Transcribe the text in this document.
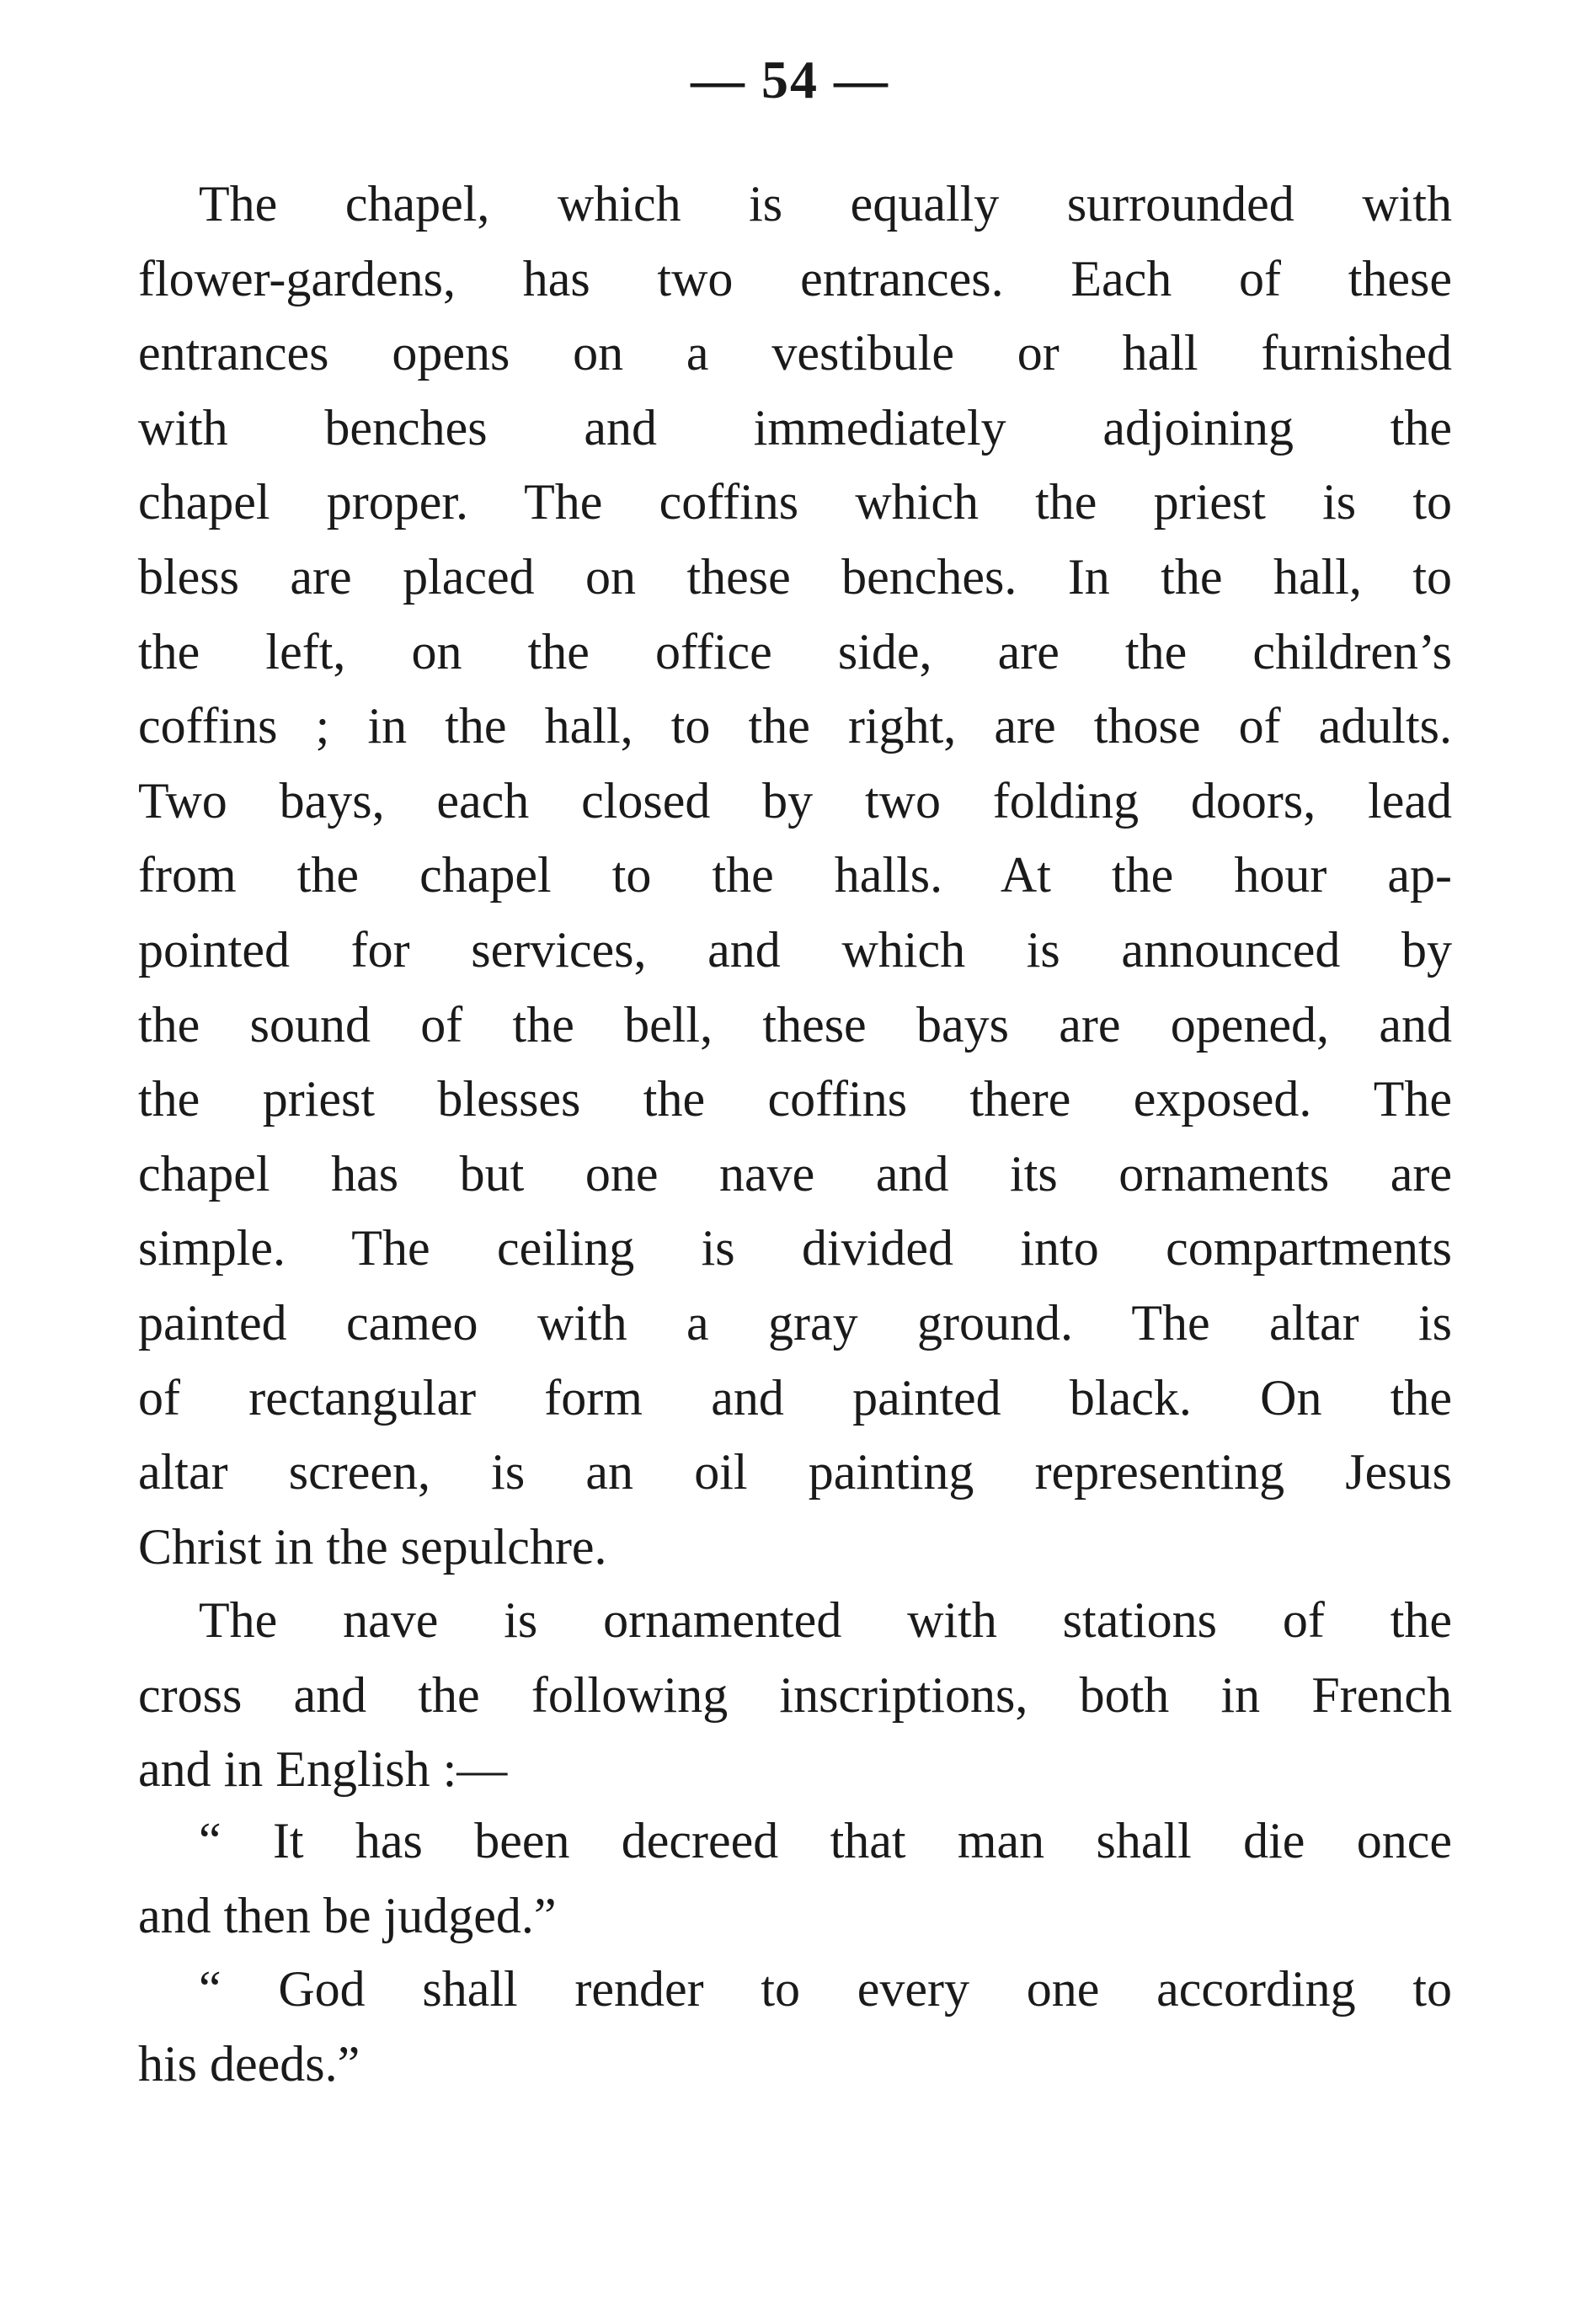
— 54 —
The chapel, which is equally surrounded with
flower-gardens, has two entrances. Each of these
entrances opens on a vestibule or hall furnished
with benches and immediately adjoining the
chapel proper. The coffins which the priest is to
bless are placed on these benches. In the hall, to
the left, on the office side, are the children’s
coffins ; in the hall, to the right, are those of adults.
Two bays, each closed by two folding doors, lead
from the chapel to the halls. At the hour ap-
pointed for services, and which is announced by
the sound of the bell, these bays are opened, and
the priest blesses the coffins there exposed. The
chapel has but one nave and its ornaments are
simple. The ceiling is divided into compartments
painted cameo with a gray ground. The altar is
of rectangular form and painted black. On the
altar screen, is an oil painting representing Jesus
Christ in the sepulchre.
The nave is ornamented with stations of the
cross and the following inscriptions, both in French
and in English :—
“ It has been decreed that man shall die once
and then be judged.”
“ God shall render to every one according to
his deeds.”
